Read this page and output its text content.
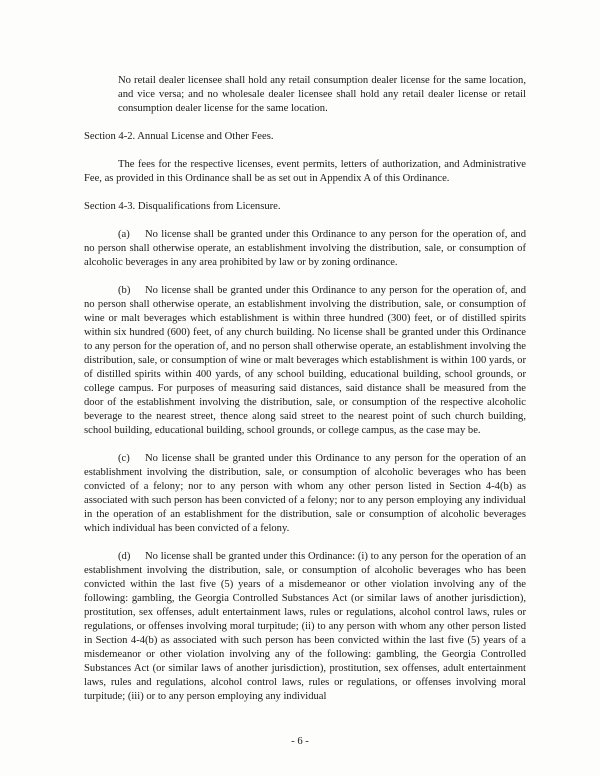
No retail dealer licensee shall hold any retail consumption dealer license for the same location, and vice versa; and no wholesale dealer licensee shall hold any retail dealer license or retail consumption dealer license for the same location.

Section 4-2. Annual License and Other Fees.

The fees for the respective licenses, event permits, letters of authorization, and Administrative Fee, as provided in this Ordinance shall be as set out in Appendix A of this Ordinance.

Section 4-3. Disqualifications from Licensure.

(a) No license shall be granted under this Ordinance to any person for the operation of, and no person shall otherwise operate, an establishment involving the distribution, sale, or consumption of alcoholic beverages in any area prohibited by law or by zoning ordinance.

(b) No license shall be granted under this Ordinance to any person for the operation of, and no person shall otherwise operate, an establishment involving the distribution, sale, or consumption of wine or malt beverages which establishment is within three hundred (300) feet, or of distilled spirits within six hundred (600) feet, of any church building. No license shall be granted under this Ordinance to any person for the operation of, and no person shall otherwise operate, an establishment involving the distribution, sale, or consumption of wine or malt beverages which establishment is within 100 yards, or of distilled spirits within 400 yards, of any school building, educational building, school grounds, or college campus. For purposes of measuring said distances, said distance shall be measured from the door of the establishment involving the distribution, sale, or consumption of the respective alcoholic beverage to the nearest street, thence along said street to the nearest point of such church building, school building, educational building, school grounds, or college campus, as the case may be.

(c) No license shall be granted under this Ordinance to any person for the operation of an establishment involving the distribution, sale, or consumption of alcoholic beverages who has been convicted of a felony; nor to any person with whom any other person listed in Section 4-4(b) as associated with such person has been convicted of a felony; nor to any person employing any individual in the operation of an establishment for the distribution, sale or consumption of alcoholic beverages which individual has been convicted of a felony.

(d) No license shall be granted under this Ordinance: (i) to any person for the operation of an establishment involving the distribution, sale, or consumption of alcoholic beverages who has been convicted within the last five (5) years of a misdemeanor or other violation involving any of the following: gambling, the Georgia Controlled Substances Act (or similar laws of another jurisdiction), prostitution, sex offenses, adult entertainment laws, rules or regulations, alcohol control laws, rules or regulations, or offenses involving moral turpitude; (ii) to any person with whom any other person listed in Section 4-4(b) as associated with such person has been convicted within the last five (5) years of a misdemeanor or other violation involving any of the following: gambling, the Georgia Controlled Substances Act (or similar laws of another jurisdiction), prostitution, sex offenses, adult entertainment laws, rules and regulations, alcohol control laws, rules or regulations, or offenses involving moral turpitude; (iii) or to any person employing any individual

- 6 -
